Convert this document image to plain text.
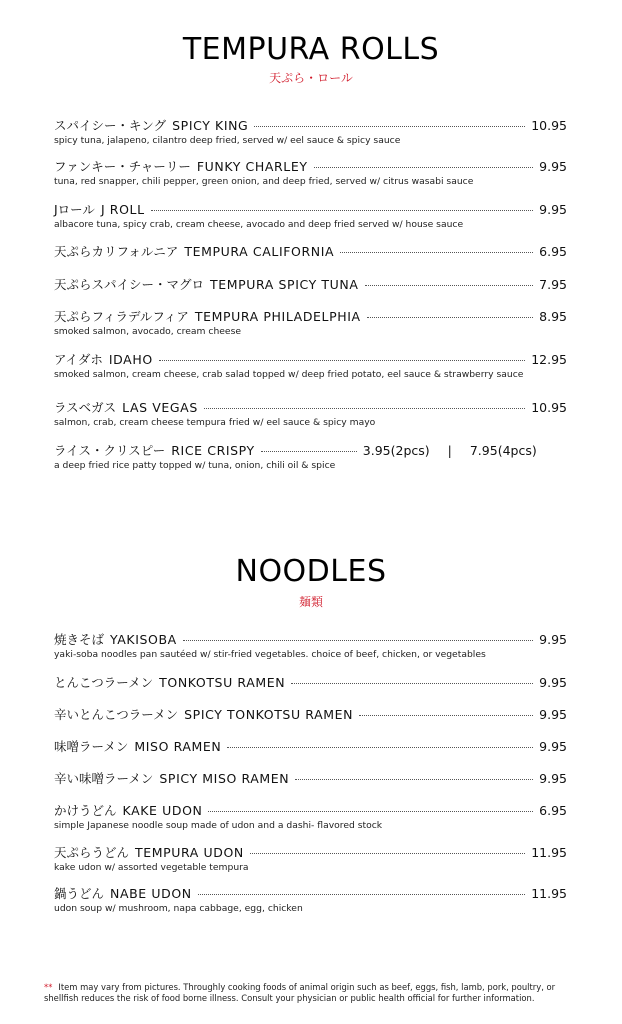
TEMPURA ROLLS
天ぷら・ロール
スパイシー・キング SPICY KING	10.95
spicy tuna, jalapeno, cilantro deep fried, served w/ eel sauce & spicy sauce
ファンキー・チャーリー FUNKY CHARLEY	9.95
tuna, red snapper, chili pepper, green onion, and deep fried, served w/ citrus wasabi sauce
Jロール J ROLL	9.95
albacore tuna, spicy crab, cream cheese, avocado and deep fried served w/ house sauce
天ぷらカリフォルニア TEMPURA CALIFORNIA	6.95
天ぷらスパイシー・マグロ TEMPURA SPICY TUNA	7.95
天ぷらフィラデルフィア TEMPURA PHILADELPHIA	8.95
smoked salmon, avocado, cream cheese
アイダホ IDAHO	12.95
smoked salmon, cream cheese, crab salad topped w/ deep fried potato, eel sauce & strawberry sauce
ラスベガス LAS VEGAS	10.95
salmon, crab, cream cheese tempura fried w/ eel sauce & spicy mayo
ライス・クリスピー RICE CRISPY	3.95(2pcs) | 7.95(4pcs)
a deep fried rice patty topped w/ tuna, onion, chili oil & spice
NOODLES
麺類
焼きそば YAKISOBA	9.95
yaki-soba noodles pan sautéed w/ stir-fried vegetables. choice of beef, chicken, or vegetables
とんこつラーメン TONKOTSU RAMEN	9.95
辛いとんこつラーメン SPICY TONKOTSU RAMEN	9.95
味噌ラーメン MISO RAMEN	9.95
辛い味噌ラーメン SPICY MISO RAMEN	9.95
かけうどん KAKE UDON	6.95
simple Japanese noodle soup made of udon and a dashi- flavored stock
天ぷらうどん TEMPURA UDON	11.95
kake udon w/ assorted vegetable tempura
鍋うどん NABE UDON	11.95
udon soup w/ mushroom, napa cabbage, egg, chicken
** Item may vary from pictures. Throughly cooking foods of animal origin such as beef, eggs, fish, lamb, pork, poultry, or shellfish reduces the risk of food borne illness. Consult your physician or public health official for further information.
